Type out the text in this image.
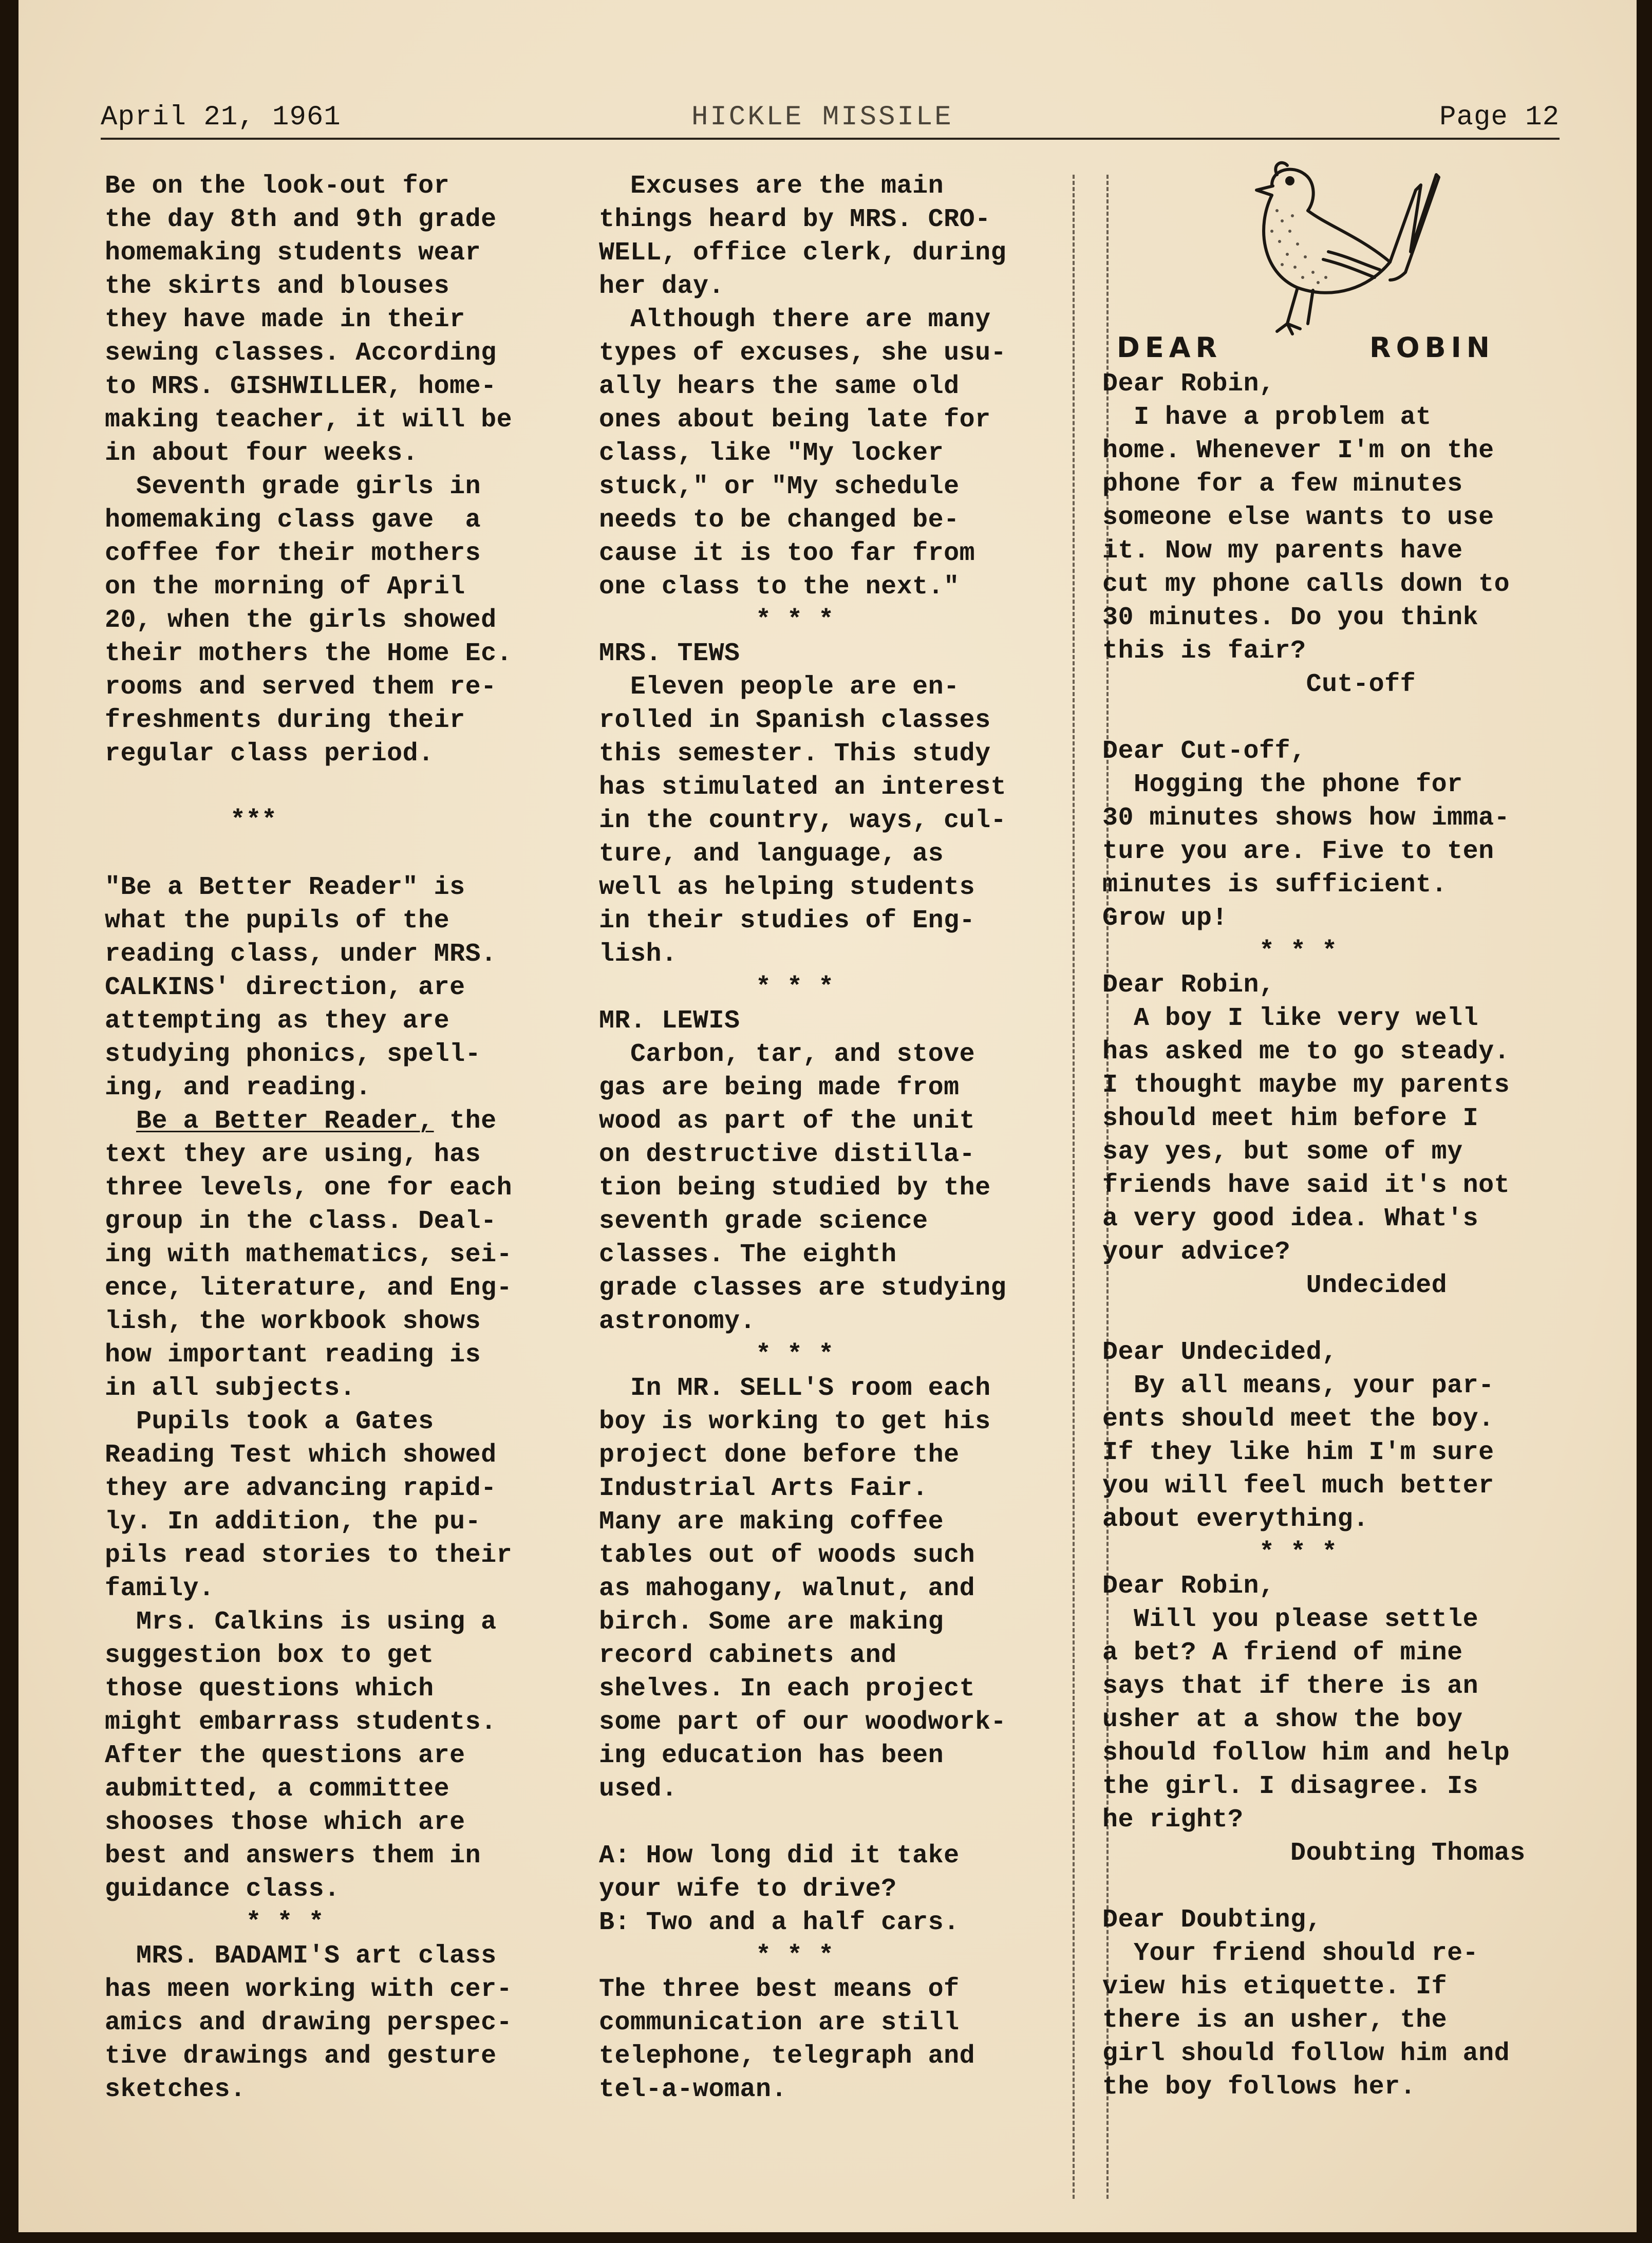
April 21, 1961	HICKLE MISSILE	Page 12
Be on the look-out for
the day 8th and 9th grade
homemaking students wear
the skirts and blouses
they have made in their
sewing classes. According
to MRS. GISHWILLER, home-
making teacher, it will be
in about four weeks.
Seventh grade girls in
homemaking class gave  a
coffee for their mothers
on the morning of April
20, when the girls showed
their mothers the Home Ec.
rooms and served them re-
freshments during their
regular class period.

***

"Be a Better Reader" is
what the pupils of the
reading class, under MRS.
CALKINS' direction, are
attempting as they are
studying phonics, spell-
ing, and reading.
Be a Better Reader, the
text they are using, has
three levels, one for each
group in the class. Deal-
ing with mathematics, sei-
ence, literature, and Eng-
lish, the workbook shows
how important reading is
in all subjects.
Pupils took a Gates
Reading Test which showed
they are advancing rapid-
ly. In addition, the pu-
pils read stories to their
family.
Mrs. Calkins is using a
suggestion box to get
those questions which
might embarrass students.
After the questions are
aubmitted, a committee
shooses those which are
best and answers them in
guidance class.
* * *
MRS. BADAMI'S art class
has meen working with cer-
amics and drawing perspec-
tive drawings and gesture
sketches.
Excuses are the main
things heard by MRS. CRO-
WELL, office clerk, during
her day.
Although there are many
types of excuses, she usu-
ally hears the same old
ones about being late for
class, like "My locker
stuck," or "My schedule
needs to be changed be-
cause it is too far from
one class to the next."
* * *
MRS. TEWS
Eleven people are en-
rolled in Spanish classes
this semester. This study
has stimulated an interest
in the country, ways, cul-
ture, and language, as
well as helping students
in their studies of Eng-
lish.
* * *
MR. LEWIS
Carbon, tar, and stove
gas are being made from
wood as part of the unit
on destructive distilla-
tion being studied by the
seventh grade science
classes. The eighth
grade classes are studying
astronomy.
* * *
In MR. SELL'S room each
boy is working to get his
project done before the
Industrial Arts Fair.
Many are making coffee
tables out of woods such
as mahogany, walnut, and
birch. Some are making
record cabinets and
shelves. In each project
some part of our woodwork-
ing education has been
used.

A: How long did it take
your wife to drive?
B: Two and a half cars.
* * *
The three best means of
communication are still
telephone, telegraph and
tel-a-woman.
DEAR	ROBIN
Dear Robin,
I have a problem at
home. Whenever I'm on the
phone for a few minutes
someone else wants to use
it. Now my parents have
cut my phone calls down to
30 minutes. Do you think
this is fair?
Cut-off

Dear Cut-off,
Hogging the phone for
30 minutes shows how imma-
ture you are. Five to ten
minutes is sufficient.
Grow up!
* * *
Dear Robin,
A boy I like very well
has asked me to go steady.
I thought maybe my parents
should meet him before I
say yes, but some of my
friends have said it's not
a very good idea. What's
your advice?
Undecided

Dear Undecided,
By all means, your par-
ents should meet the boy.
If they like him I'm sure
you will feel much better
about everything.
* * *
Dear Robin,
Will you please settle
a bet? A friend of mine
says that if there is an
usher at a show the boy
should follow him and help
the girl. I disagree. Is
he right?
Doubting Thomas

Dear Doubting,
Your friend should re-
view his etiquette. If
there is an usher, the
girl should follow him and
the boy follows her.
